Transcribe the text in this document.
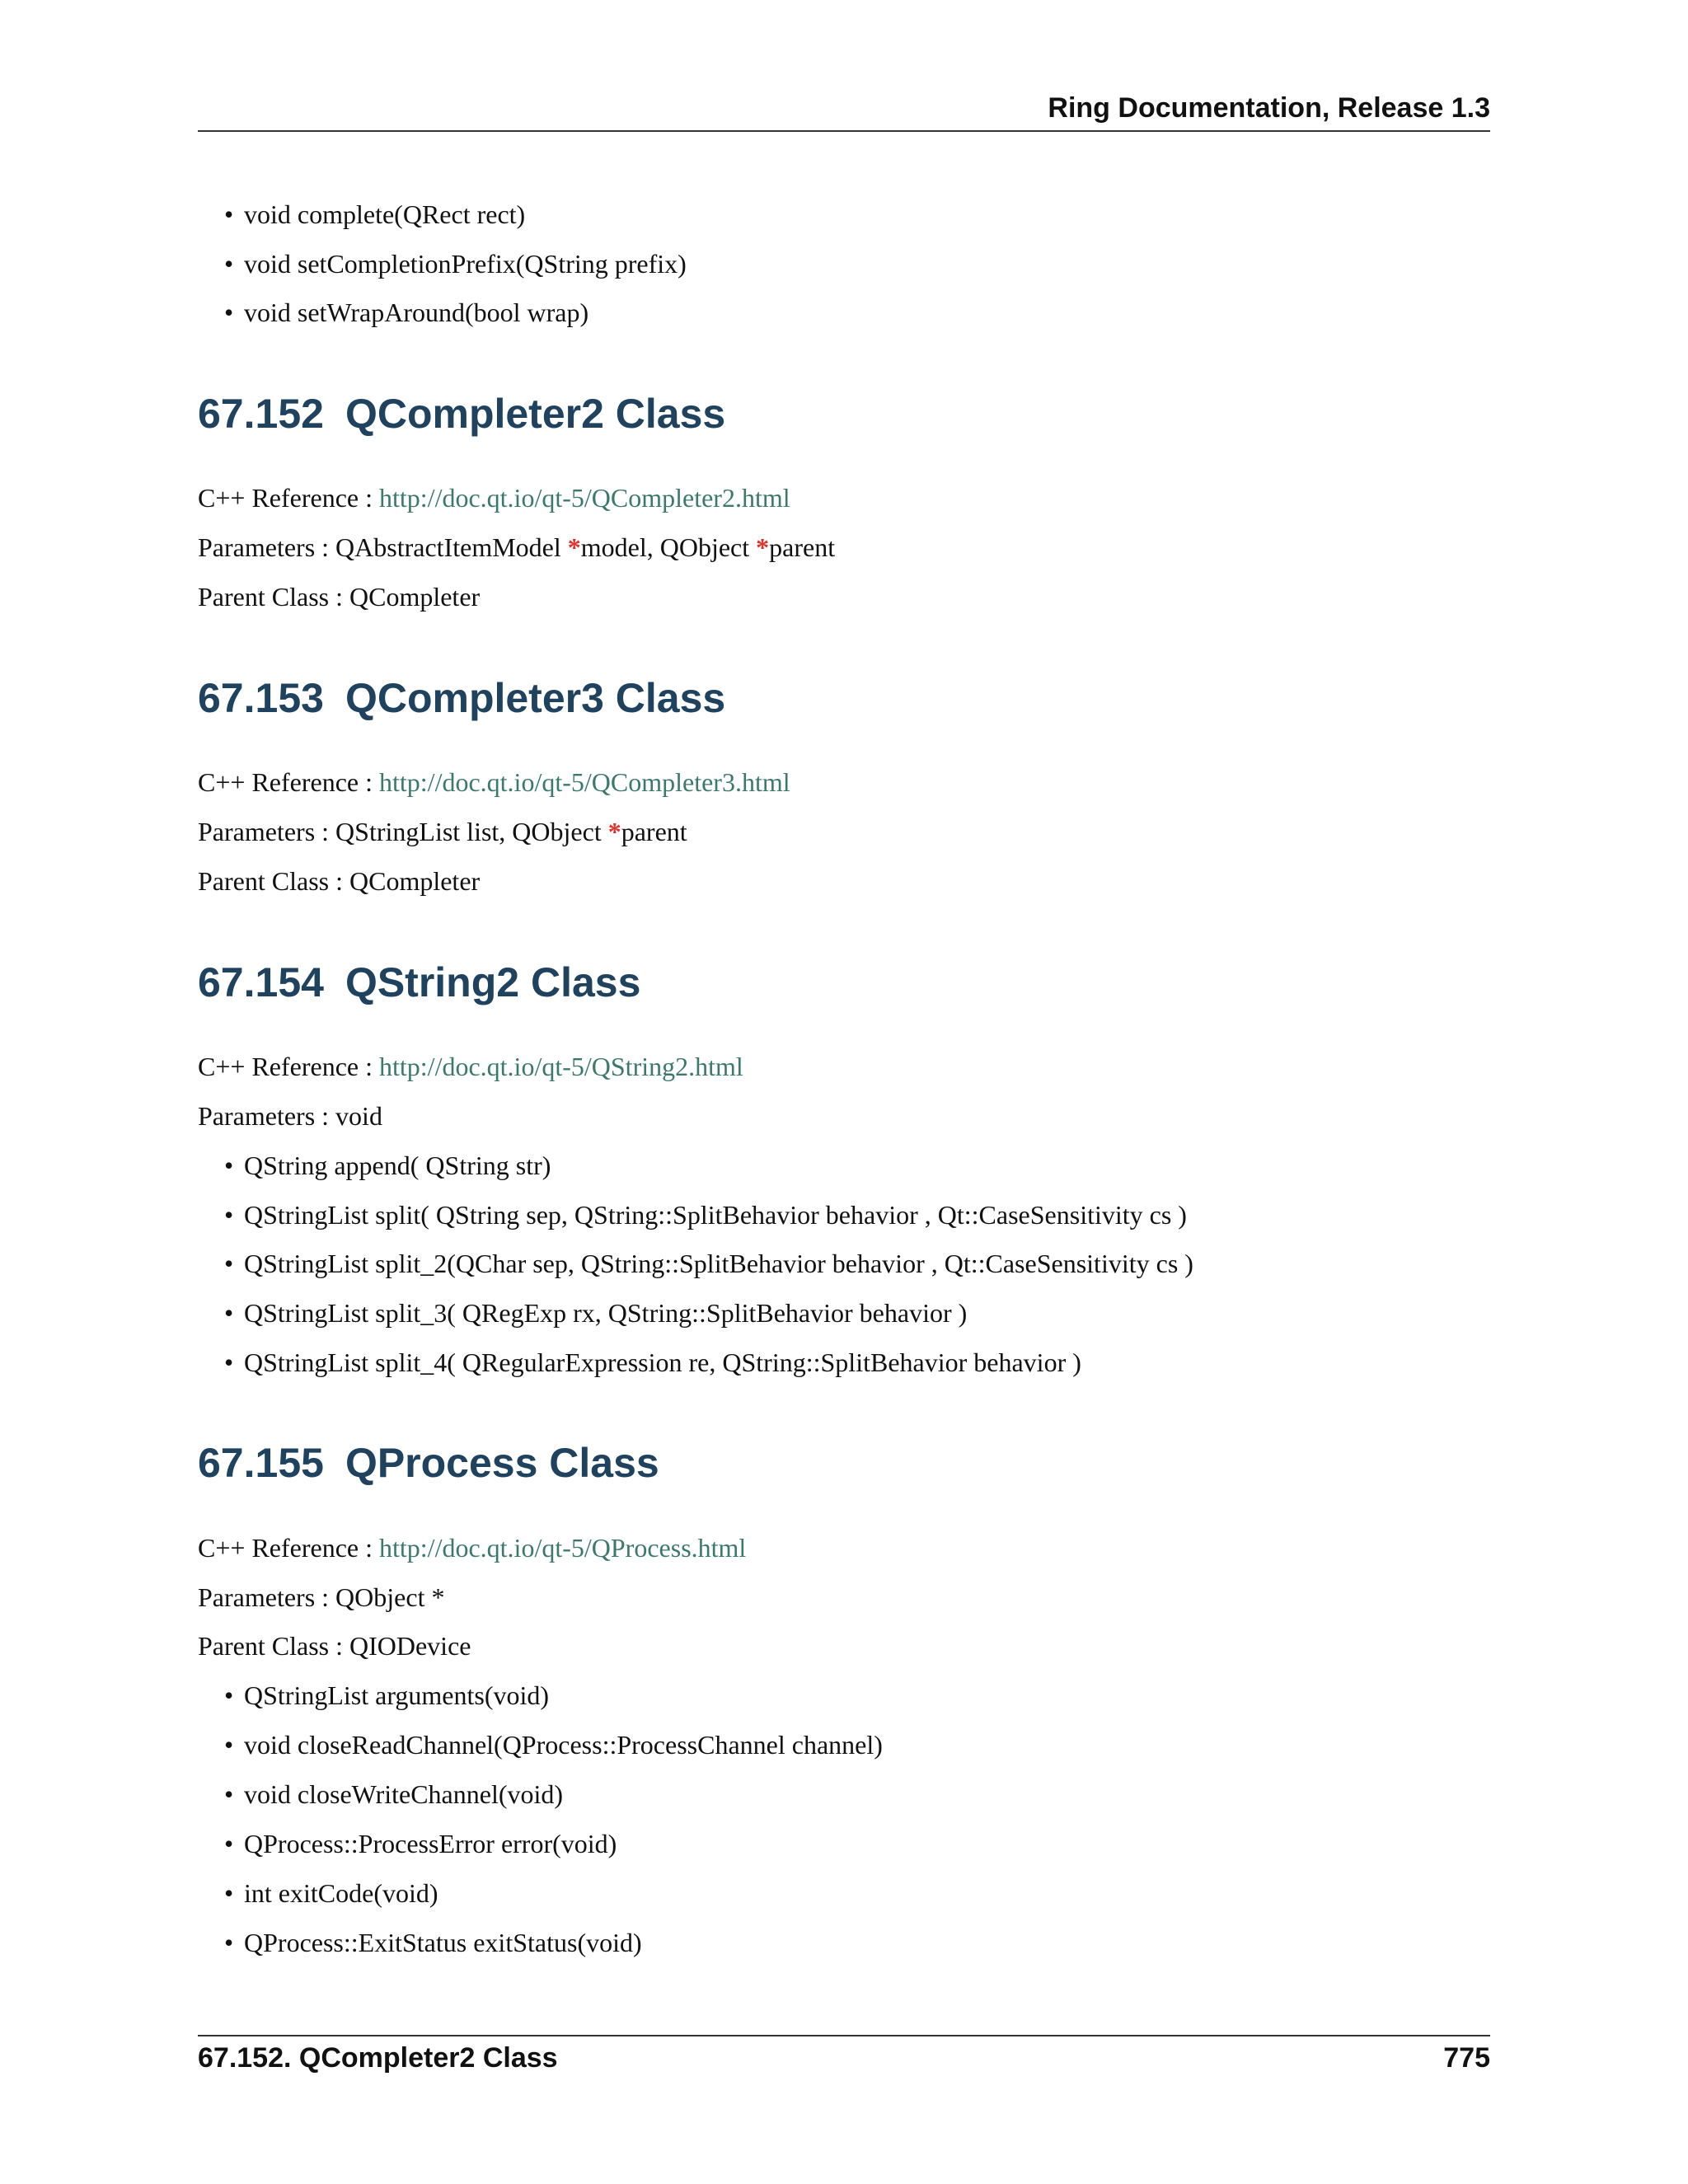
Ring Documentation, Release 1.3
• void complete(QRect rect)
• void setCompletionPrefix(QString prefix)
• void setWrapAround(bool wrap)
67.152 QCompleter2 Class
C++ Reference : http://doc.qt.io/qt-5/QCompleter2.html
Parameters : QAbstractItemModel *model, QObject *parent
Parent Class : QCompleter
67.153 QCompleter3 Class
C++ Reference : http://doc.qt.io/qt-5/QCompleter3.html
Parameters : QStringList list, QObject *parent
Parent Class : QCompleter
67.154 QString2 Class
C++ Reference : http://doc.qt.io/qt-5/QString2.html
Parameters : void
• QString append( QString str)
• QStringList split( QString sep, QString::SplitBehavior behavior , Qt::CaseSensitivity cs )
• QStringList split_2(QChar sep, QString::SplitBehavior behavior , Qt::CaseSensitivity cs )
• QStringList split_3( QRegExp rx, QString::SplitBehavior behavior )
• QStringList split_4( QRegularExpression re, QString::SplitBehavior behavior )
67.155 QProcess Class
C++ Reference : http://doc.qt.io/qt-5/QProcess.html
Parameters : QObject *
Parent Class : QIODevice
• QStringList arguments(void)
• void closeReadChannel(QProcess::ProcessChannel channel)
• void closeWriteChannel(void)
• QProcess::ProcessError error(void)
• int exitCode(void)
• QProcess::ExitStatus exitStatus(void)
67.152. QCompleter2 Class	775
